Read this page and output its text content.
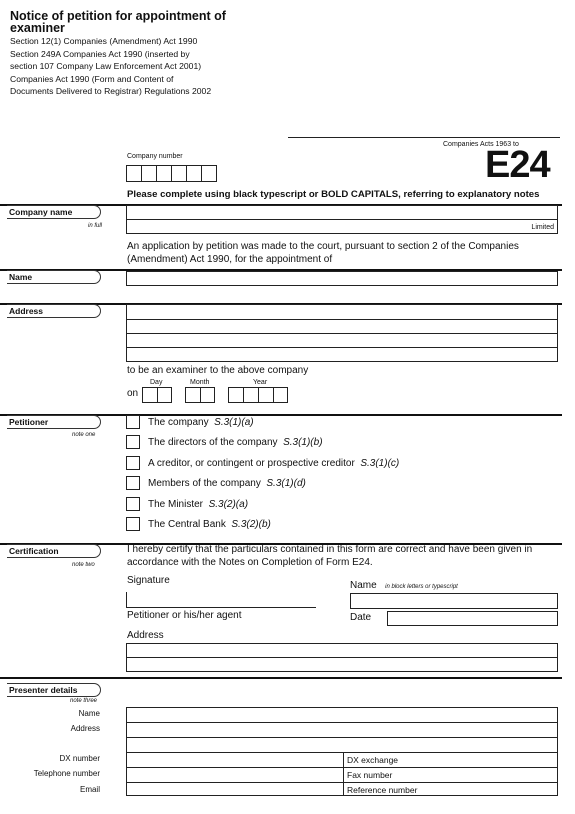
Notice of petition for appointment of
examiner
Section 12(1) Companies (Amendment) Act 1990
Section 249A Companies Act 1990 (inserted by
section 107 Company Law Enforcement Act 2001)
Companies Act 1990 (Form and Content of
Documents Delivered to Registrar) Regulations 2002
Companies Acts 1963 to
E24
Company number
Please complete using black typescript or BOLD CAPITALS, referring to explanatory notes
Company name
in full	Limited
An application by petition was made to the court, pursuant to section 2 of the Companies
(Amendment) Act 1990, for the appointment of
Name
Address
to be an examiner to the above company
Day	Month	Year
on
Petitioner
note one
The company S.3(1)(a)
The directors of the company S.3(1)(b)
A creditor, or contingent or prospective creditor S.3(1)(c)
Members of the company S.3(1)(d)
The Minister S.3(2)(a)
The Central Bank S.3(2)(b)
Certification
note two
I hereby certify that the particulars contained in this form are correct and have been given in
accordance with the Notes on Completion of Form E24.
Signature
Petitioner or his/her agent
Name in block letters or typescript
Date
Address
Presenter details
note three
Name
Address
DX number
Telephone number
Email
DX exchange
Fax number
Reference number
